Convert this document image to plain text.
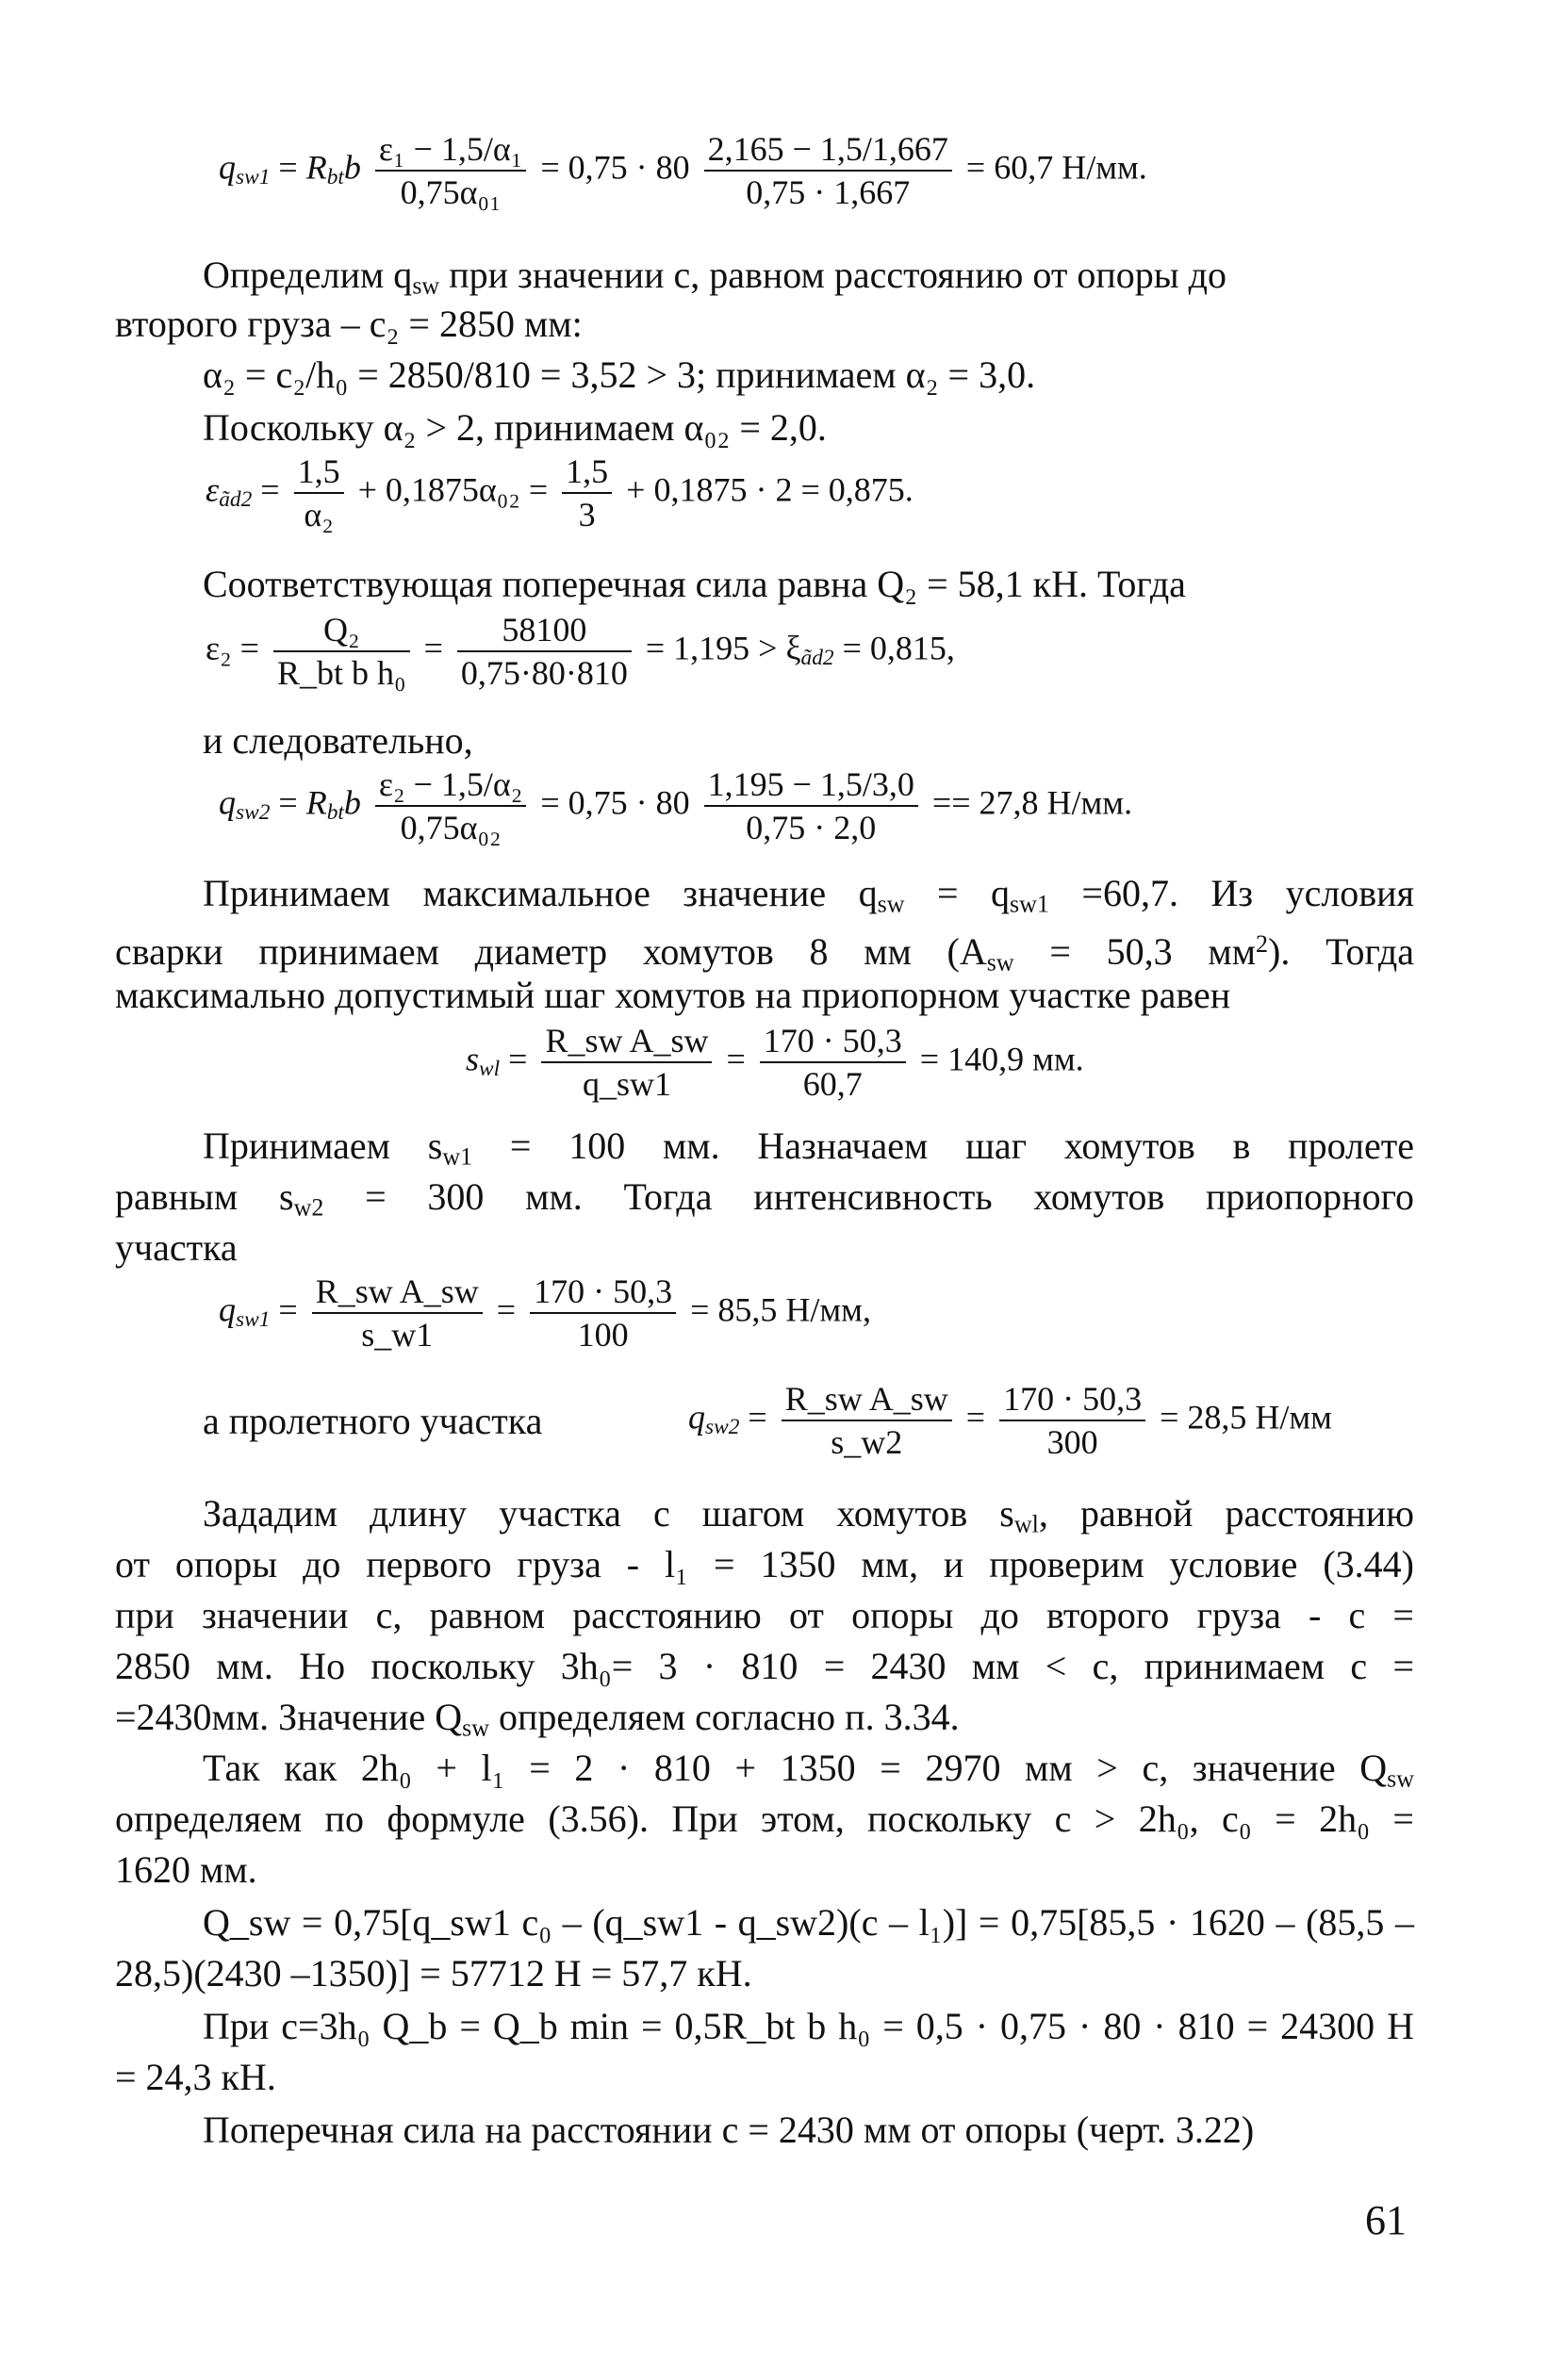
$q_{sw1} = R_{bt}b \frac{\text{ε₁ − 1,5/α₁}}{\text{0,75α₀₁}} = 0,75 \cdot 80 \frac{2,165 - 1,5/1,667}{0,75 \cdot 1,667} = 60,7$ Н/мм.
Определим $q_{sw}$ при значении c, равном расстоянию от опоры до
второго груза – c₂ = 2850 мм:
α₂ = c₂/h₀ = 2850/810 = 3,52 > 3; принимаем α₂ = 3,0.
Поскольку α₂ > 2, принимаем α₀₂ = 2,0.
$\varepsilon_{ãd2} = \frac{1,5}{\text{α₂}} + 0,1875\alpha_{02} = \frac{1,5}{3} + 0,1875 \cdot 2 = 0,875$.
Соответствующая поперечная сила равна Q₂ = 58,1 кН. Тогда
$\varepsilon_2 = \frac{\text{Q₂}}{\text{R\_bt b h₀}} = \frac{58100}{0,75\cdot 80\cdot 810} = 1,195 > \xi_{ãd2} = 0,815$,
и следовательно,
$q_{sw2} = R_{bt}b \frac{\text{ε₂ − 1,5/α₂}}{\text{0,75α₀₂}} = 0,75 \cdot 80 \frac{1,195 - 1,5/3,0}{0,75 \cdot 2,0} == 27,8$ Н/мм.
Принимаем максимальное значение $q_{sw} = q_{sw1} =60,7$. Из условия
сварки принимаем диаметр хомутов 8 мм ($A_{sw} = 50,3$ $мм^2$). Тогда
максимально допустимый шаг хомутов на приопорном участке равен
$s_{wl} = \frac{\text{R\_sw A\_sw}}{q\_sw1} = \frac{170 \cdot 50,3}{60,7} = 140,9$ мм.
Принимаем $s_{w1} = 100$ мм. Назначаем шаг хомутов в пролете
равным $s_{w2} = 300$ мм. Тогда интенсивность хомутов приопорного
участка
$q_{sw1} = \frac{\text{R\_sw A\_sw}}{s\_w1} = \frac{170 \cdot 50,3}{100} = 85,5$ Н/мм,
а пролетного участка	$q_{sw2} = \frac{\text{R\_sw A\_sw}}{s\_w2} = \frac{170 \cdot 50,3}{300} = 28,5$ Н/мм
Зададим длину участка с шагом хомутов $s_{wl}$, равной расстоянию
от опоры до первого груза - l₁ = 1350 мм, и проверим условие (3.44)
при значении c, равном расстоянию от опоры до второго груза - c =
2850 мм. Но поскольку 3h₀= 3 · 810 = 2430 мм < c, принимаем c =
=2430мм. Значение $Q_{sw}$ определяем согласно п. 3.34.
Так как 2h₀ + l₁ = 2 · 810 + 1350 = 2970 мм > c, значение $Q_{sw}$
определяем по формуле (3.56). При этом, поскольку c > 2h₀, c₀ = 2h₀ =
1620 мм.
Q_sw = 0,75[q_sw1 c₀ – (q_sw1 - q_sw2)(c – l₁)] = 0,75[85,5 · 1620 – (85,5 –
28,5)(2430 –1350)] = 57712 Н = 57,7 кН.
При c=3h₀ Q_b = Q_b min = 0,5R_bt b h₀ = 0,5 · 0,75 · 80 · 810 = 24300 Н
= 24,3 кН.
Поперечная сила на расстоянии c = 2430 мм от опоры (черт. 3.22)
61
